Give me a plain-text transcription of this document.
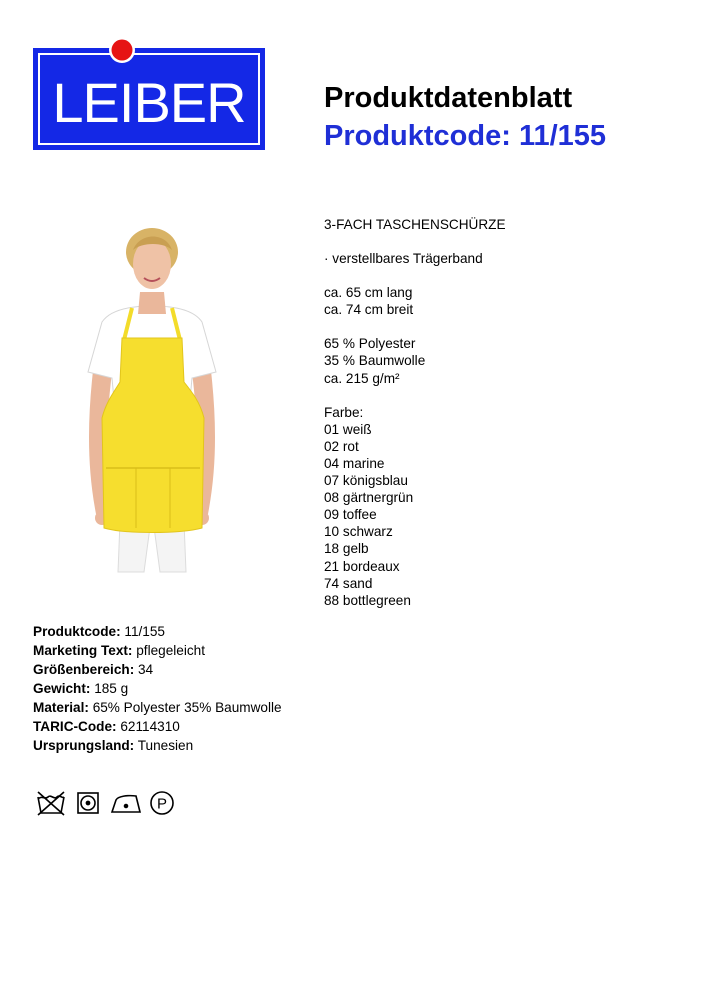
LEIBER	Produktdatenblatt
Produktcode: 11/155
3-FACH TASCHENSCHÜRZE
· verstellbares Trägerband
ca. 65 cm lang
ca. 74 cm breit
65 % Polyester
35 % Baumwolle
ca. 215 g/m²
Farbe:
01 weiß
02 rot
04 marine
07 königsblau
08 gärtnergrün
09 toffee
10 schwarz
18 gelb
21 bordeaux
74 sand
88 bottlegreen
Produktcode: 11/155
Marketing Text: pflegeleicht
Größenbereich: 34
Gewicht: 185 g
Material: 65% Polyester 35% Baumwolle
TARIC-Code: 62114310
Ursprungsland: Tunesien
P
